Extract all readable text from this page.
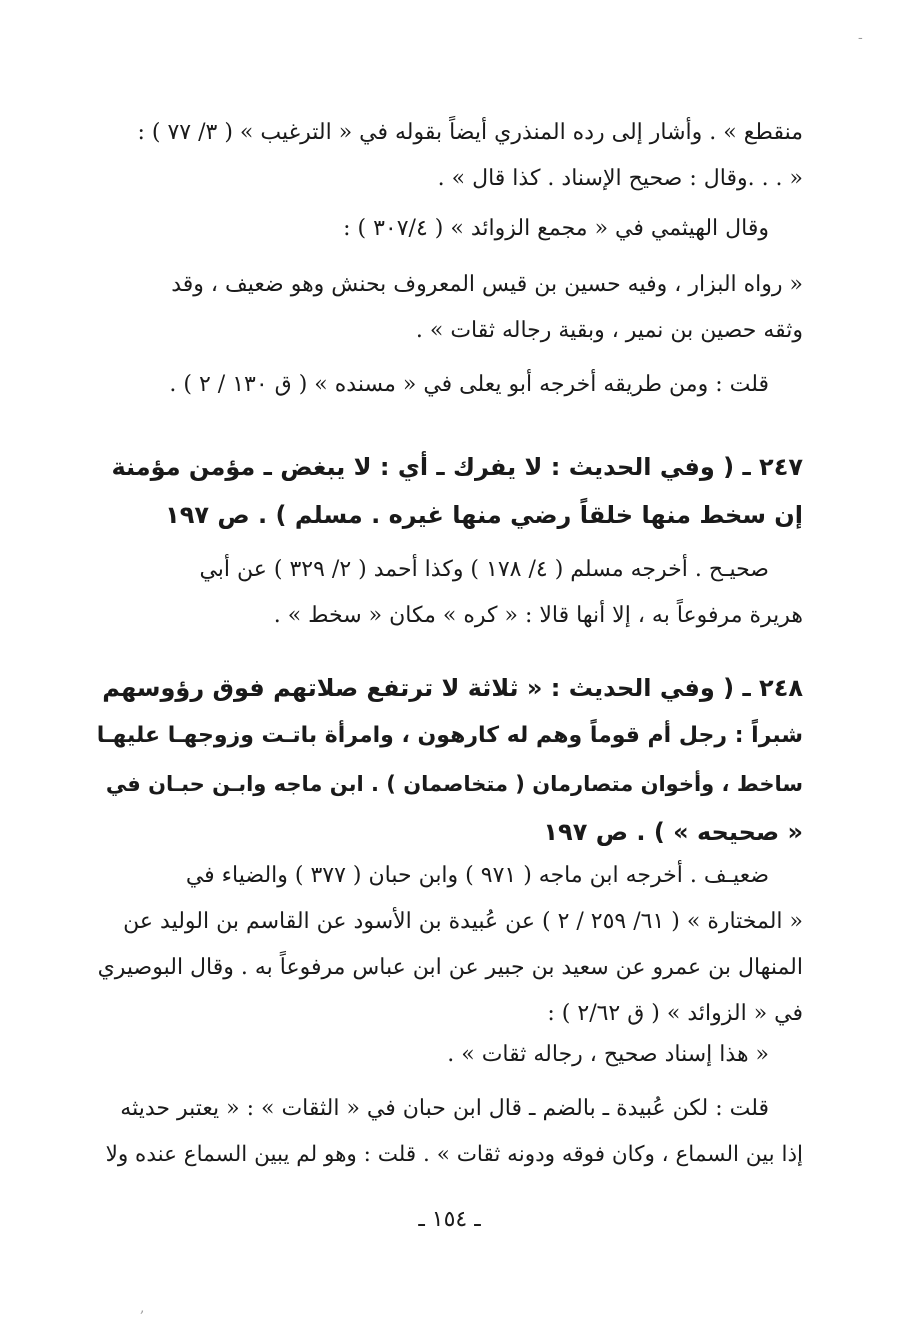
-
منقطع » . وأشار إلى رده المنذري أيضاً بقوله في « الترغيب » ( ٣/ ٧٧ ) :
« . . .وقال : صحيح الإسناد . كذا قال » .
وقال الهيثمي في « مجمع الزوائد » ( ٣٠٧/٤ ) :
« رواه البزار ، وفيه حسين بن قيس المعروف بحنش وهو ضعيف ، وقد
وثقه حصين بن نمير ، وبقية رجاله ثقات » .
قلت : ومن طريقه أخرجه أبو يعلى في « مسنده » ( ق ١٣٠ / ٢ ) .
٢٤٧ ـ ( وفي الحديث : لا يفرك ـ أي : لا يبغض ـ مؤمن مؤمنة
إن سخط منها خلقاً رضي منها غيره . مسلم ) . ص ١٩٧
صحيـح . أخرجه مسلم ( ٤/ ١٧٨ ) وكذا أحمد ( ٢/ ٣٢٩ ) عن أبي
هريرة مرفوعاً به ، إلا أنها قالا : « كره » مكان « سخط » .
٢٤٨ ـ ( وفي الحديث : « ثلاثة لا ترتفع صلاتهم فوق رؤوسهم
شبراً : رجل أم قوماً وهم له كارهون ، وامرأة باتـت وزوجهـا عليهـا
ساخط ، وأخوان متصارمان ( متخاصمان ) . ابن ماجه وابـن حبـان في
« صحيحه » ) . ص ١٩٧
ضعيـف . أخرجه ابن ماجه ( ٩٧١ ) وابن حبان ( ٣٧٧ ) والضياء في
« المختارة » ( ٦١/ ٢٥٩ / ٢ ) عن عُبيدة بن الأسود عن القاسم بن الوليد عن
المنهال بن عمرو عن سعيد بن جبير عن ابن عباس مرفوعاً به . وقال البوصيري
في « الزوائد » ( ق ٢/٦٢ ) :
« هذا إسناد صحيح ، رجاله ثقات » .
قلت : لكن عُبيدة ـ بالضم ـ قال ابن حبان في « الثقات » : « يعتبر حديثه
إذا بين السماع ، وكان فوقه ودونه ثقات » . قلت : وهو لم يبين السماع عنده ولا
ـ ١٥٤ ـ
,
